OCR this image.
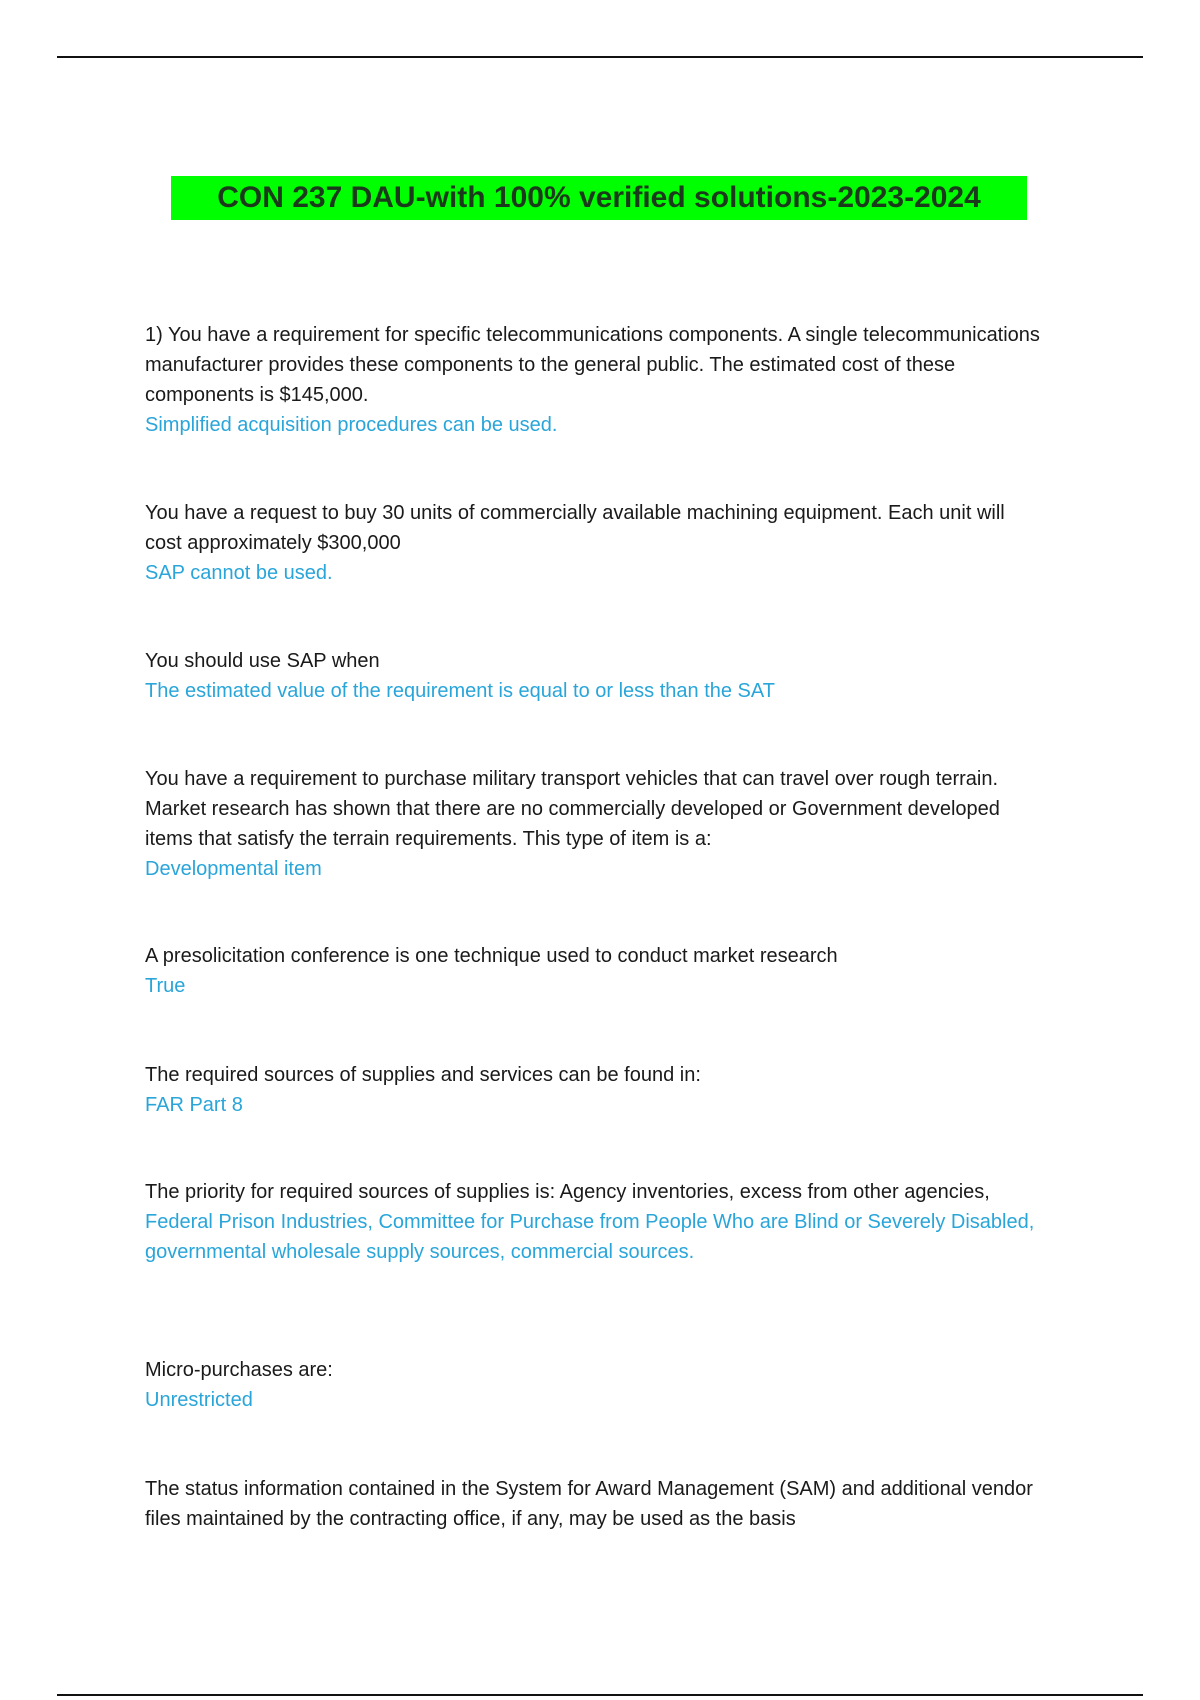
CON 237 DAU-with 100% verified solutions-2023-2024
1) You have a requirement for specific telecommunications components. A single telecommunications manufacturer provides these components to the general public. The estimated cost of these components is $145,000.
Simplified acquisition procedures can be used.
You have a request to buy 30 units of commercially available machining equipment. Each unit will cost approximately $300,000
SAP cannot be used.
You should use SAP when
The estimated value of the requirement is equal to or less than the SAT
You have a requirement to purchase military transport vehicles that can travel over rough terrain. Market research has shown that there are no commercially developed or Government developed items that satisfy the terrain requirements. This type of item is a:
Developmental item
A presolicitation conference is one technique used to conduct market research
True
The required sources of supplies and services can be found in:
FAR Part 8
The priority for required sources of supplies is: Agency inventories, excess from other agencies,
Federal Prison Industries, Committee for Purchase from People Who are Blind or Severely Disabled, governmental wholesale supply sources, commercial sources.
Micro-purchases are:
Unrestricted
The status information contained in the System for Award Management (SAM) and additional vendor files maintained by the contracting office, if any, may be used as the basis
